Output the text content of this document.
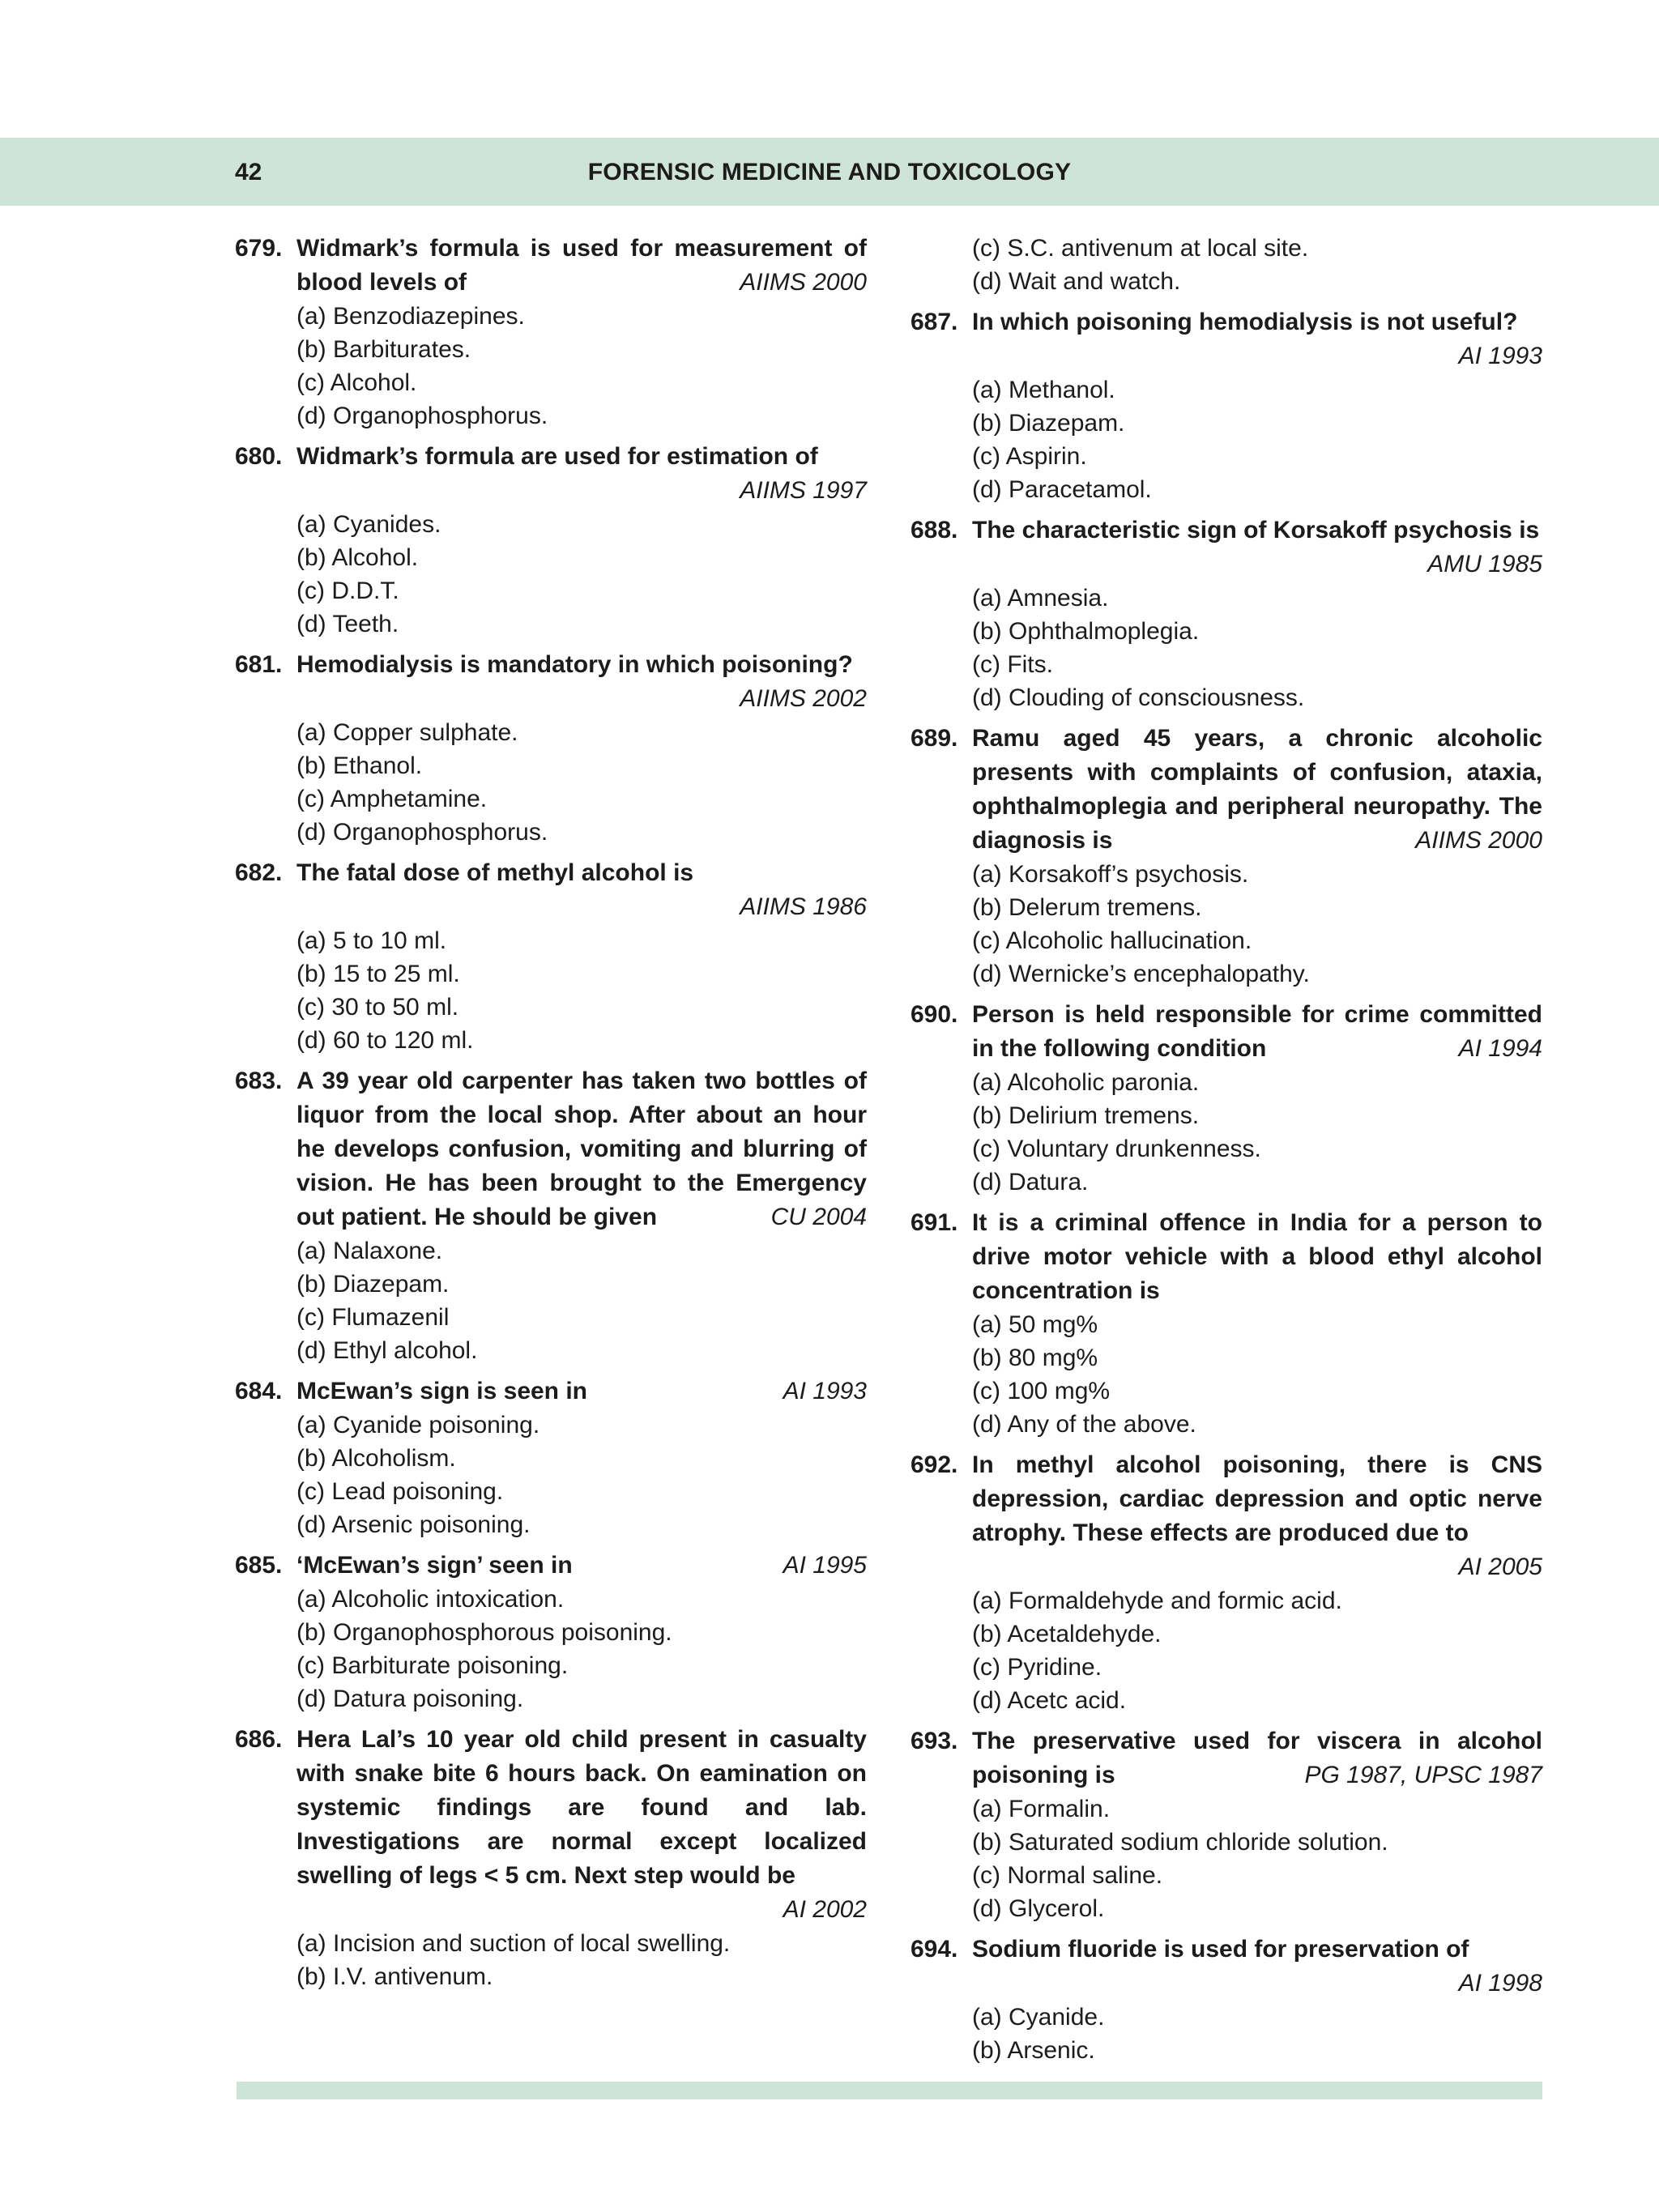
42	FORENSIC MEDICINE AND TOXICOLOGY
679. Widmark’s formula is used for measurement of blood levels of	AIIMS 2000
(a) Benzodiazepines.
(b) Barbiturates.
(c) Alcohol.
(d) Organophosphorus.
680. Widmark’s formula are used for estimation of
AIIMS 1997
(a) Cyanides.
(b) Alcohol.
(c) D.D.T.
(d) Teeth.
681. Hemodialysis is mandatory in which poisoning?
AIIMS 2002
(a) Copper sulphate.
(b) Ethanol.
(c) Amphetamine.
(d) Organophosphorus.
682. The fatal dose of methyl alcohol is
AIIMS 1986
(a) 5 to 10 ml.
(b) 15 to 25 ml.
(c) 30 to 50 ml.
(d) 60 to 120 ml.
683. A 39 year old carpenter has taken two bottles of liquor from the local shop. After about an hour he develops confusion, vomiting and blurring of vision. He has been brought to the Emergency out patient. He should be given	CU 2004
(a) Nalaxone.
(b) Diazepam.
(c) Flumazenil
(d) Ethyl alcohol.
684. McEwan’s sign is seen in	AI 1993
(a) Cyanide poisoning.
(b) Alcoholism.
(c) Lead poisoning.
(d) Arsenic poisoning.
685. ‘McEwan’s sign’ seen in	AI 1995
(a) Alcoholic intoxication.
(b) Organophosphorous poisoning.
(c) Barbiturate poisoning.
(d) Datura poisoning.
686. Hera Lal’s 10 year old child present in casualty with snake bite 6 hours back. On eamination on systemic findings are found and lab. Investigations are normal except localized swelling of legs < 5 cm. Next step would be
AI 2002
(a) Incision and suction of local swelling.
(b) I.V. antivenum.
(c) S.C. antivenum at local site.
(d) Wait and watch.
687. In which poisoning hemodialysis is not useful?
AI 1993
(a) Methanol.
(b) Diazepam.
(c) Aspirin.
(d) Paracetamol.
688. The characteristic sign of Korsakoff psychosis is
AMU 1985
(a) Amnesia.
(b) Ophthalmoplegia.
(c) Fits.
(d) Clouding of consciousness.
689. Ramu aged 45 years, a chronic alcoholic presents with complaints of confusion, ataxia, ophthalmoplegia and peripheral neuropathy. The diagnosis is	AIIMS 2000
(a) Korsakoff’s psychosis.
(b) Delerum tremens.
(c) Alcoholic hallucination.
(d) Wernicke’s encephalopathy.
690. Person is held responsible for crime committed in the following condition	AI 1994
(a) Alcoholic paronia.
(b) Delirium tremens.
(c) Voluntary drunkenness.
(d) Datura.
691. It is a criminal offence in India for a person to drive motor vehicle with a blood ethyl alcohol concentration is
(a) 50 mg%
(b) 80 mg%
(c) 100 mg%
(d) Any of the above.
692. In methyl alcohol poisoning, there is CNS depression, cardiac depression and optic nerve atrophy. These effects are produced due to
AI 2005
(a) Formaldehyde and formic acid.
(b) Acetaldehyde.
(c) Pyridine.
(d) Acetc acid.
693. The preservative used for viscera in alcohol poisoning is	PG 1987, UPSC 1987
(a) Formalin.
(b) Saturated sodium chloride solution.
(c) Normal saline.
(d) Glycerol.
694. Sodium fluoride is used for preservation of
AI 1998
(a) Cyanide.
(b) Arsenic.
